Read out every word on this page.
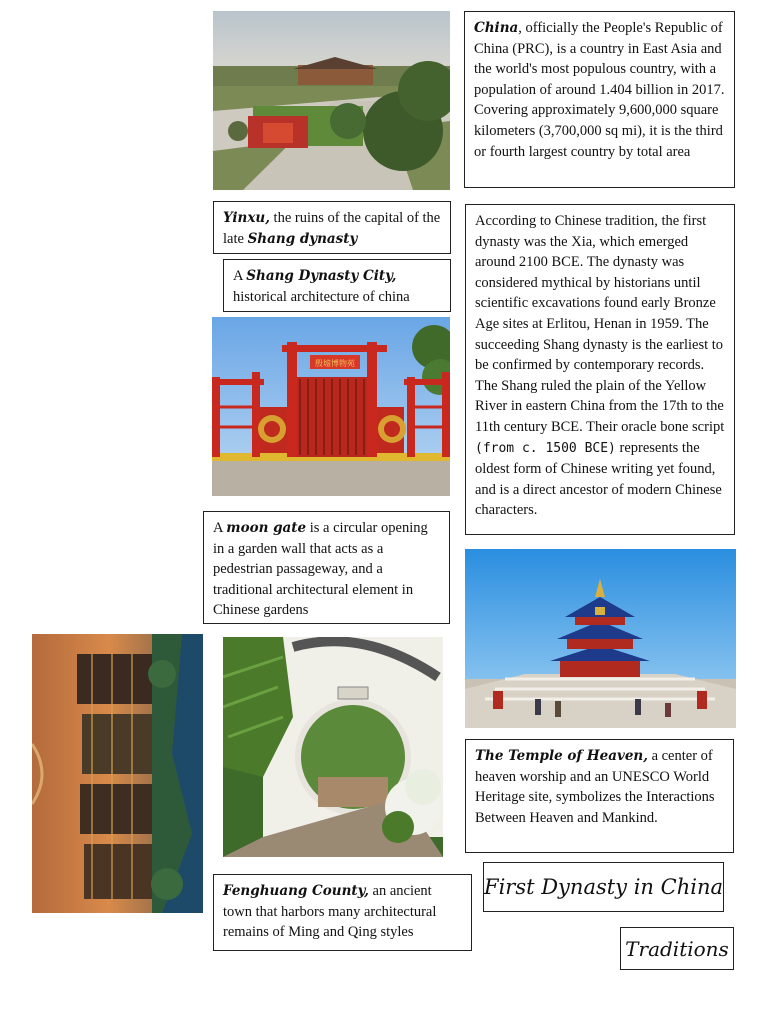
China, officially the People's Republic of China (PRC), is a country in East Asia and the world's most populous country, with a population of around 1.404 billion in 2017. Covering approximately 9,600,000 square kilometers (3,700,000 sq mi), it is the third or fourth largest country by total area
Yinxu, the ruins of the capital of the late Shang dynasty
A Shang Dynasty City, historical architecture of china
According to Chinese tradition, the first dynasty was the Xia, which emerged around 2100 BCE. The dynasty was considered mythical by historians until scientific excavations found early Bronze Age sites at Erlitou, Henan in 1959. The succeeding Shang dynasty is the earliest to be confirmed by contemporary records. The Shang ruled the plain of the Yellow River in eastern China from the 17th to the 11th century BCE. Their oracle bone script (from c. 1500 BCE) represents the oldest form of Chinese writing yet found, and is a direct ancestor of modern Chinese characters.
殷墟博物苑
A moon gate is a circular opening in a garden wall that acts as a pedestrian passageway, and a traditional architectural element in Chinese gardens
The Temple of Heaven, a center of heaven worship and an UNESCO World Heritage site, symbolizes the Interactions Between Heaven and Mankind.
First Dynasty in China
Fenghuang County, an ancient town that harbors many architectural remains of Ming and Qing styles
Traditions
